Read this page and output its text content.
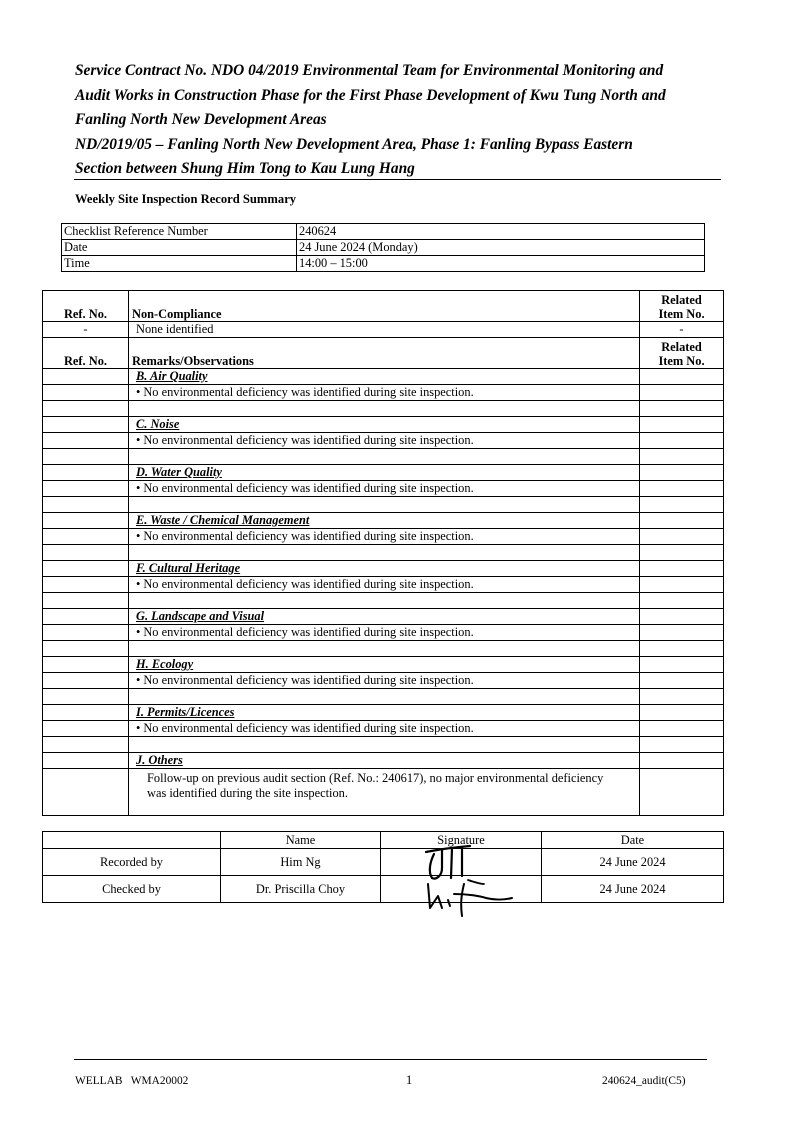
Service Contract No. NDO 04/2019 Environmental Team for Environmental Monitoring and
Audit Works in Construction Phase for the First Phase Development of Kwu Tung North and
Fanling North New Development Areas
ND/2019/05 – Fanling North New Development Area, Phase 1: Fanling Bypass Eastern
Section between Shung Him Tong to Kau Lung Hang
Weekly Site Inspection Record Summary
Checklist Reference Number	240624
Date	24 June 2024 (Monday)
Time	14:00 – 15:00
Ref. No.	Non-Compliance	Related
Item No.
-	None identified	-
Ref. No.	Remarks/Observations	Related
Item No.
	B. Air Quality	
	• No environmental deficiency was identified during site inspection.	

	C. Noise	
	• No environmental deficiency was identified during site inspection.	

	D. Water Quality	
	• No environmental deficiency was identified during site inspection.	

	E. Waste / Chemical Management	
	• No environmental deficiency was identified during site inspection.	

	F. Cultural Heritage	
	• No environmental deficiency was identified during site inspection.	

	G. Landscape and Visual	
	• No environmental deficiency was identified during site inspection.	

	H. Ecology	
	• No environmental deficiency was identified during site inspection.	

	I. Permits/Licences	
	• No environmental deficiency was identified during site inspection.	

	J. Others	
	Follow-up on previous audit section (Ref. No.: 240617), no major environmental deficiency
was identified during the site inspection.	
	Name	Signature	Date
Recorded by	Him Ng		24 June 2024
Checked by	Dr. Priscilla Choy		24 June 2024
WELLAB   WMA20002	1	240624_audit(C5)
